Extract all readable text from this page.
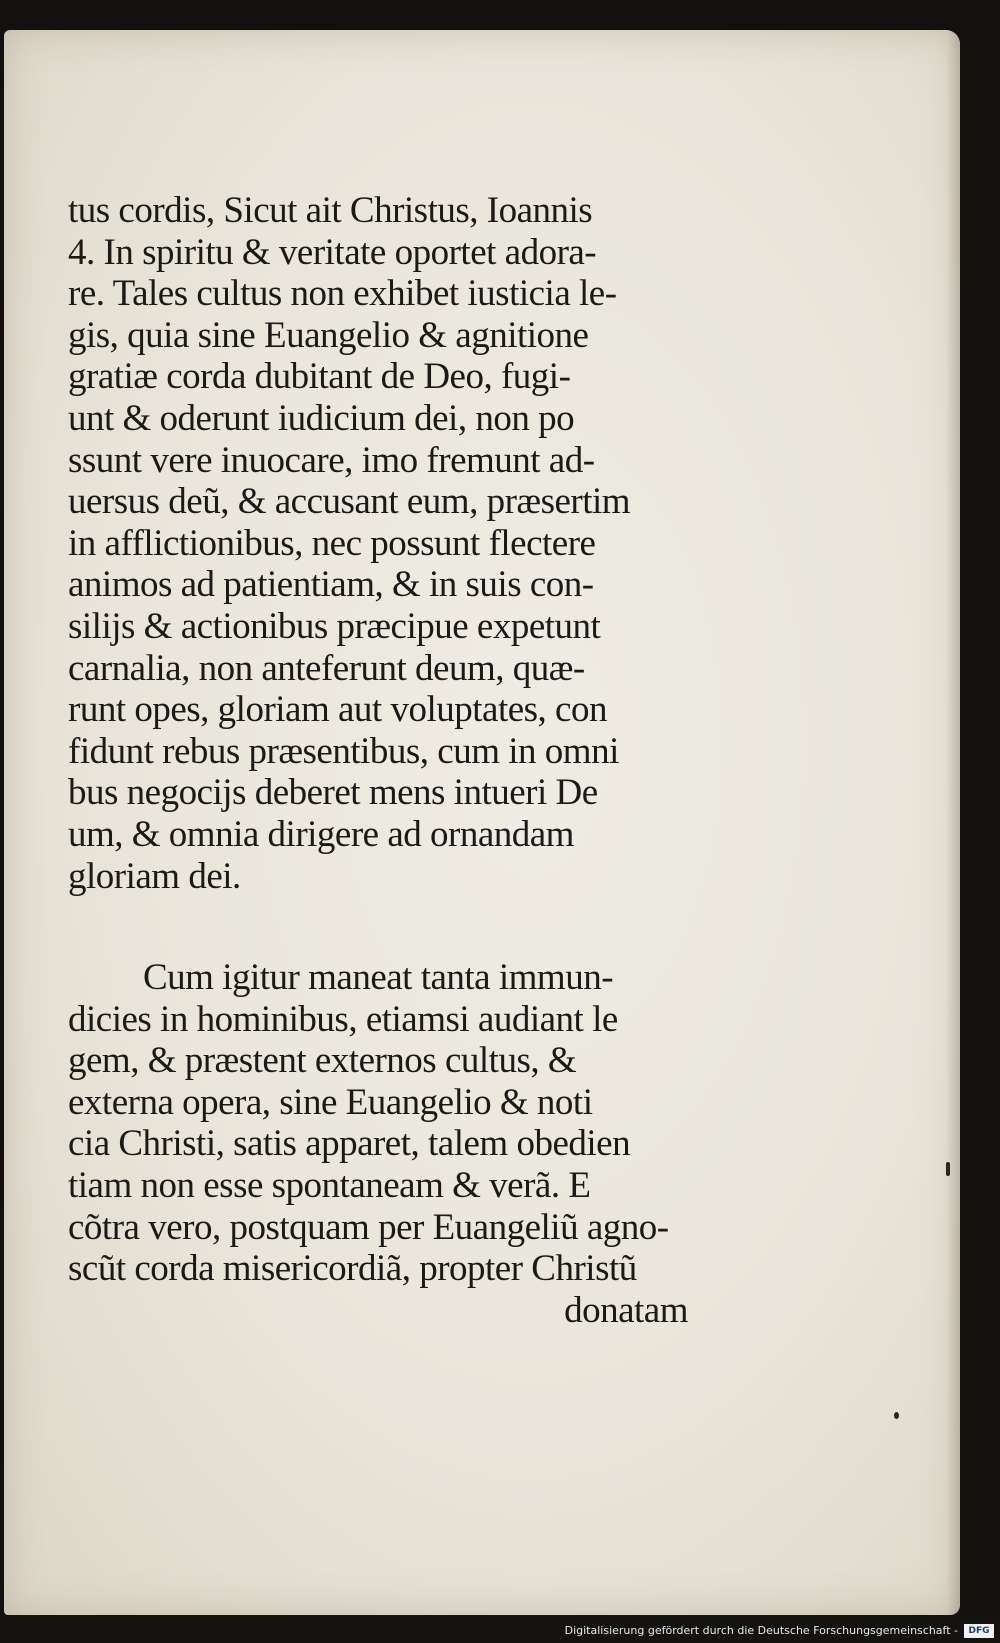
tus cordis, Sicut ait Christus, Ioannis
4. In spiritu & veritate oportet adora-
re. Tales cultus non exhibet iusticia le-
gis, quia sine Euangelio & agnitione
gratiæ corda dubitant de Deo, fugi-
unt & oderunt iudicium dei, non po
ssunt vere inuocare, imo fremunt ad-
uersus deũ, & accusant eum, præsertim
in afflictionibus, nec possunt flectere
animos ad patientiam, & in suis con-
silijs & actionibus præcipue expetunt
carnalia, non anteferunt deum, quæ-
runt opes, gloriam aut voluptates, con
fidunt rebus præsentibus, cum in omni
bus negocijs deberet mens intueri De
um, & omnia dirigere ad ornandam
gloriam dei.
Cum igitur maneat tanta immun-
dicies in hominibus, etiamsi audiant le
gem, & præstent externos cultus, &
externa opera, sine Euangelio & noti
cia Christi, satis apparet, talem obedien
tiam non esse spontaneam & verã. E
cõtra vero, postquam per Euangeliũ agno-
scũt corda misericordiã, propter Christũ
donatam
Digitalisierung gefördert durch die Deutsche Forschungsgemeinschaft -	DFG
